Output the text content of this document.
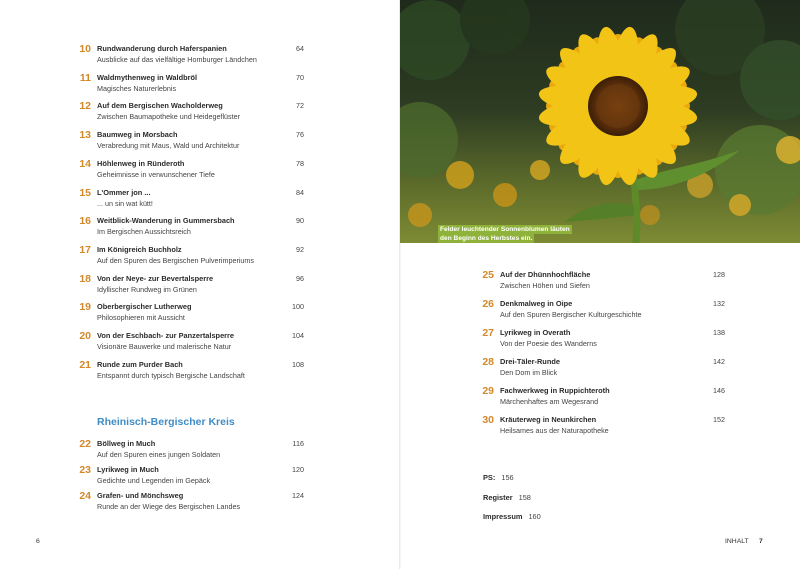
10 Rundwanderung durch Haferspanien
Ausblicke auf das vielfältige Homburger Ländchen
64
11 Waldmythenweg in Waldbröl
Magisches Naturerlebnis
70
12 Auf dem Bergischen Wacholderweg
Zwischen Baumapotheke und Heidegeflüster
72
13 Baumweg in Morsbach
Verabredung mit Maus, Wald und Architektur
76
14 Höhlenweg in Ründeroth
Geheimnisse in verwunschener Tiefe
78
15 L'Ommer jon ...
... un sin wat kütt!
84
16 Weitblick-Wanderung in Gummersbach
Im Bergischen Aussichtsreich
90
17 Im Königreich Buchholz
Auf den Spuren des Bergischen Pulverimperiums
92
18 Von der Neye- zur Bevertalsperre
Idyllischer Rundweg im Grünen
96
19 Oberbergischer Lutherweg
Philosophieren mit Aussicht
100
20 Von der Eschbach- zur Panzertalsperre
Visionäre Bauwerke und malerische Natur
104
21 Runde zum Purder Bach
Entspannt durch typisch Bergische Landschaft
108
Rheinisch-Bergischer Kreis
22 Böllweg in Much
Auf den Spuren eines jungen Soldaten
116
23 Lyrikweg in Much
Gedichte und Legenden im Gepäck
120
24 Grafen- und Mönchsweg
Runde an der Wiege des Bergischen Landes
124
6
Felder leuchtender Sonnenblumen läuten
den Beginn des Herbstes ein.
25 Auf der Dhünnhochfläche
Zwischen Höhen und Siefen
128
26 Denkmalweg in Oipe
Auf den Spuren Bergischer Kulturgeschichte
132
27 Lyrikweg in Overath
Von der Poesie des Wanderns
138
28 Drei-Täler-Runde
Den Dom im Blick
142
29 Fachwerkweg in Ruppichteroth
Märchenhaftes am Wegesrand
146
30 Kräuterweg in Neunkirchen
Heilsames aus der Naturapotheke
152
PS: 156
Register 158
Impressum 160
INHALT 7
